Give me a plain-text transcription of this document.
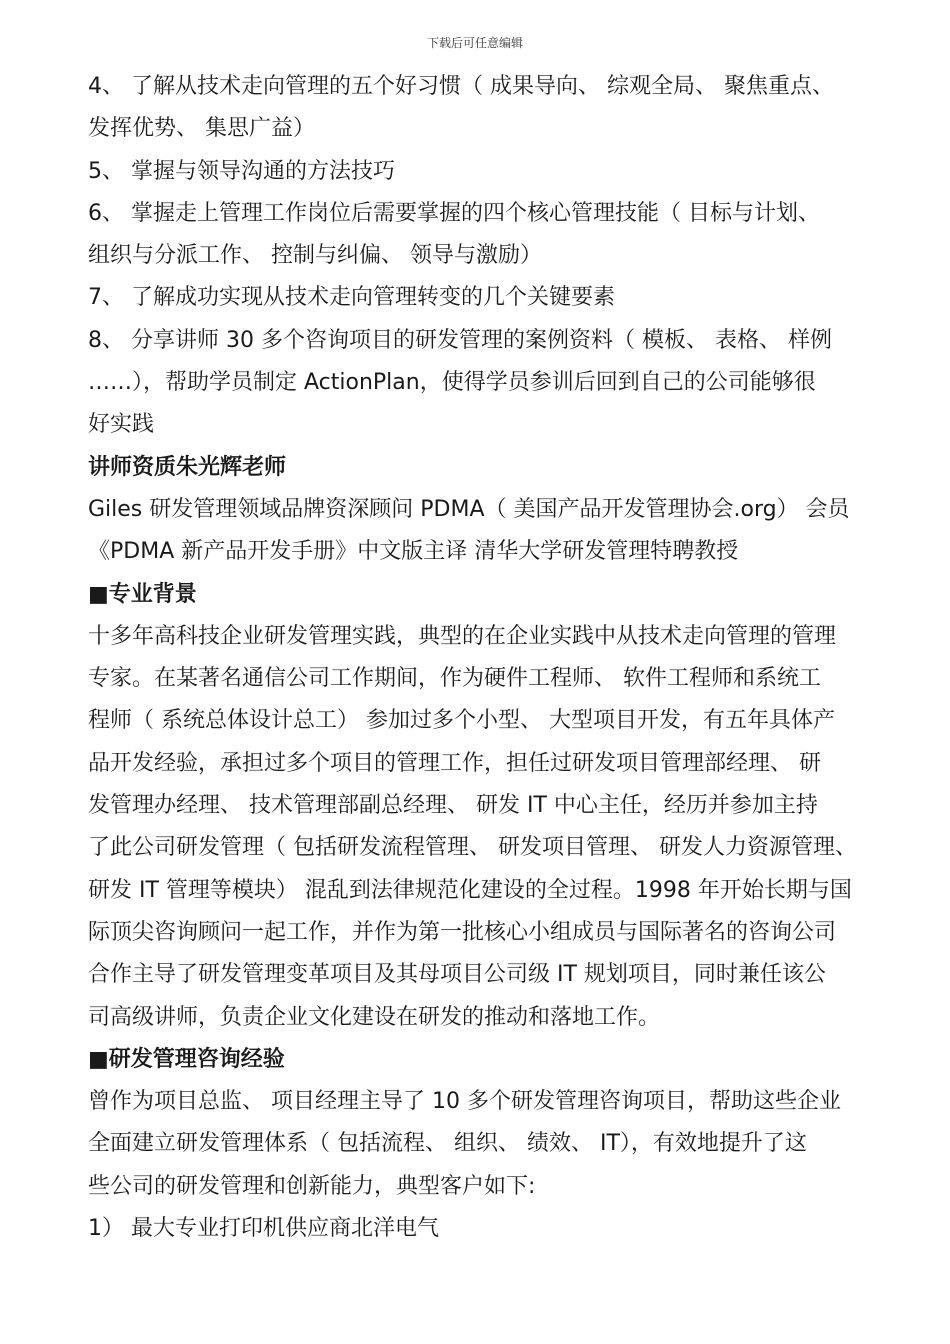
下载后可任意编辑
4、 了解从技术走向管理的五个好习惯（ 成果导向、 综观全局、 聚焦重点、
发挥优势、 集思广益）
5、 掌握与领导沟通的方法技巧
6、 掌握走上管理工作岗位后需要掌握的四个核心管理技能（ 目标与计划、
组织与分派工作、 控制与纠偏、 领导与激励）
7、 了解成功实现从技术走向管理转变的几个关键要素
8、 分享讲师 30 多个咨询项目的研发管理的案例资料（ 模板、 表格、 样例
……），帮助学员制定 ActionPlan，使得学员参训后回到自己的公司能够很
好实践
讲师资质朱光辉老师
Giles 研发管理领域品牌资深顾问 PDMA（ 美国产品开发管理协会.org） 会员
《PDMA 新产品开发手册》中文版主译 清华大学研发管理特聘教授
■专业背景
十多年高科技企业研发管理实践，典型的在企业实践中从技术走向管理的管理
专家。在某著名通信公司工作期间，作为硬件工程师、 软件工程师和系统工
程师（ 系统总体设计总工） 参加过多个小型、 大型项目开发，有五年具体产
品开发经验，承担过多个项目的管理工作，担任过研发项目管理部经理、 研
发管理办经理、 技术管理部副总经理、 研发 IT 中心主任，经历并参加主持
了此公司研发管理（ 包括研发流程管理、 研发项目管理、 研发人力资源管理、
研发 IT 管理等模块） 混乱到法律规范化建设的全过程。1998 年开始长期与国
际顶尖咨询顾问一起工作，并作为第一批核心小组成员与国际著名的咨询公司
合作主导了研发管理变革项目及其母项目公司级 IT 规划项目，同时兼任该公
司高级讲师，负责企业文化建设在研发的推动和落地工作。
■研发管理咨询经验
曾作为项目总监、 项目经理主导了 10 多个研发管理咨询项目，帮助这些企业
全面建立研发管理体系（ 包括流程、 组织、 绩效、 IT），有效地提升了这
些公司的研发管理和创新能力，典型客户如下:
1） 最大专业打印机供应商北洋电气
